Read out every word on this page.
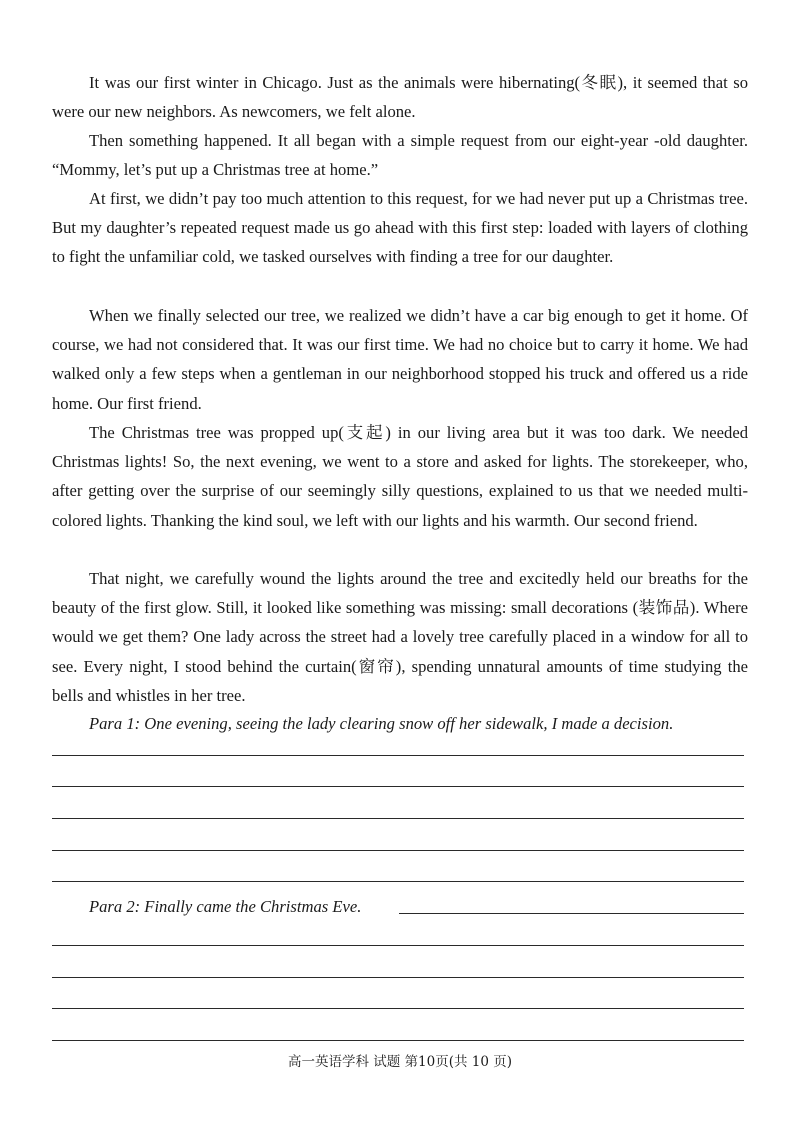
It was our first winter in Chicago. Just as the animals were hibernating(冬眠), it seemed that so were our new neighbors. As newcomers, we felt alone.

Then something happened. It all began with a simple request from our eight-year -old daughter. “Mommy, let’s put up a Christmas tree at home.”

At first, we didn’t pay too much attention to this request, for we had never put up a Christmas tree. But my daughter’s repeated request made us go ahead with this first step: loaded with layers of clothing to fight the unfamiliar cold, we tasked ourselves with finding a tree for our daughter.

When we finally selected our tree, we realized we didn’t have a car big enough to get it home. Of course, we had not considered that. It was our first time. We had no choice but to carry it home. We had walked only a few steps when a gentleman in our neighborhood stopped his truck and offered us a ride home. Our first friend.

The Christmas tree was propped up(支起) in our living area but it was too dark. We needed Christmas lights! So, the next evening, we went to a store and asked for lights. The storekeeper, who, after getting over the surprise of our seemingly silly questions, explained to us that we needed multi-colored lights. Thanking the kind soul, we left with our lights and his warmth. Our second friend.

That night, we carefully wound the lights around the tree and excitedly held our breaths for the beauty of the first glow. Still, it looked like something was missing: small decorations (装饰品). Where would we get them? One lady across the street had a lovely tree carefully placed in a window for all to see. Every night, I stood behind the curtain(窗帘), spending unnatural amounts of time studying the bells and whistles in her tree.

Para 1: One evening, seeing the lady clearing snow off her sidewalk, I made a decision.

Para 2: Finally came the Christmas Eve.

高一英语学科 试题 第10页(共 10 页)
